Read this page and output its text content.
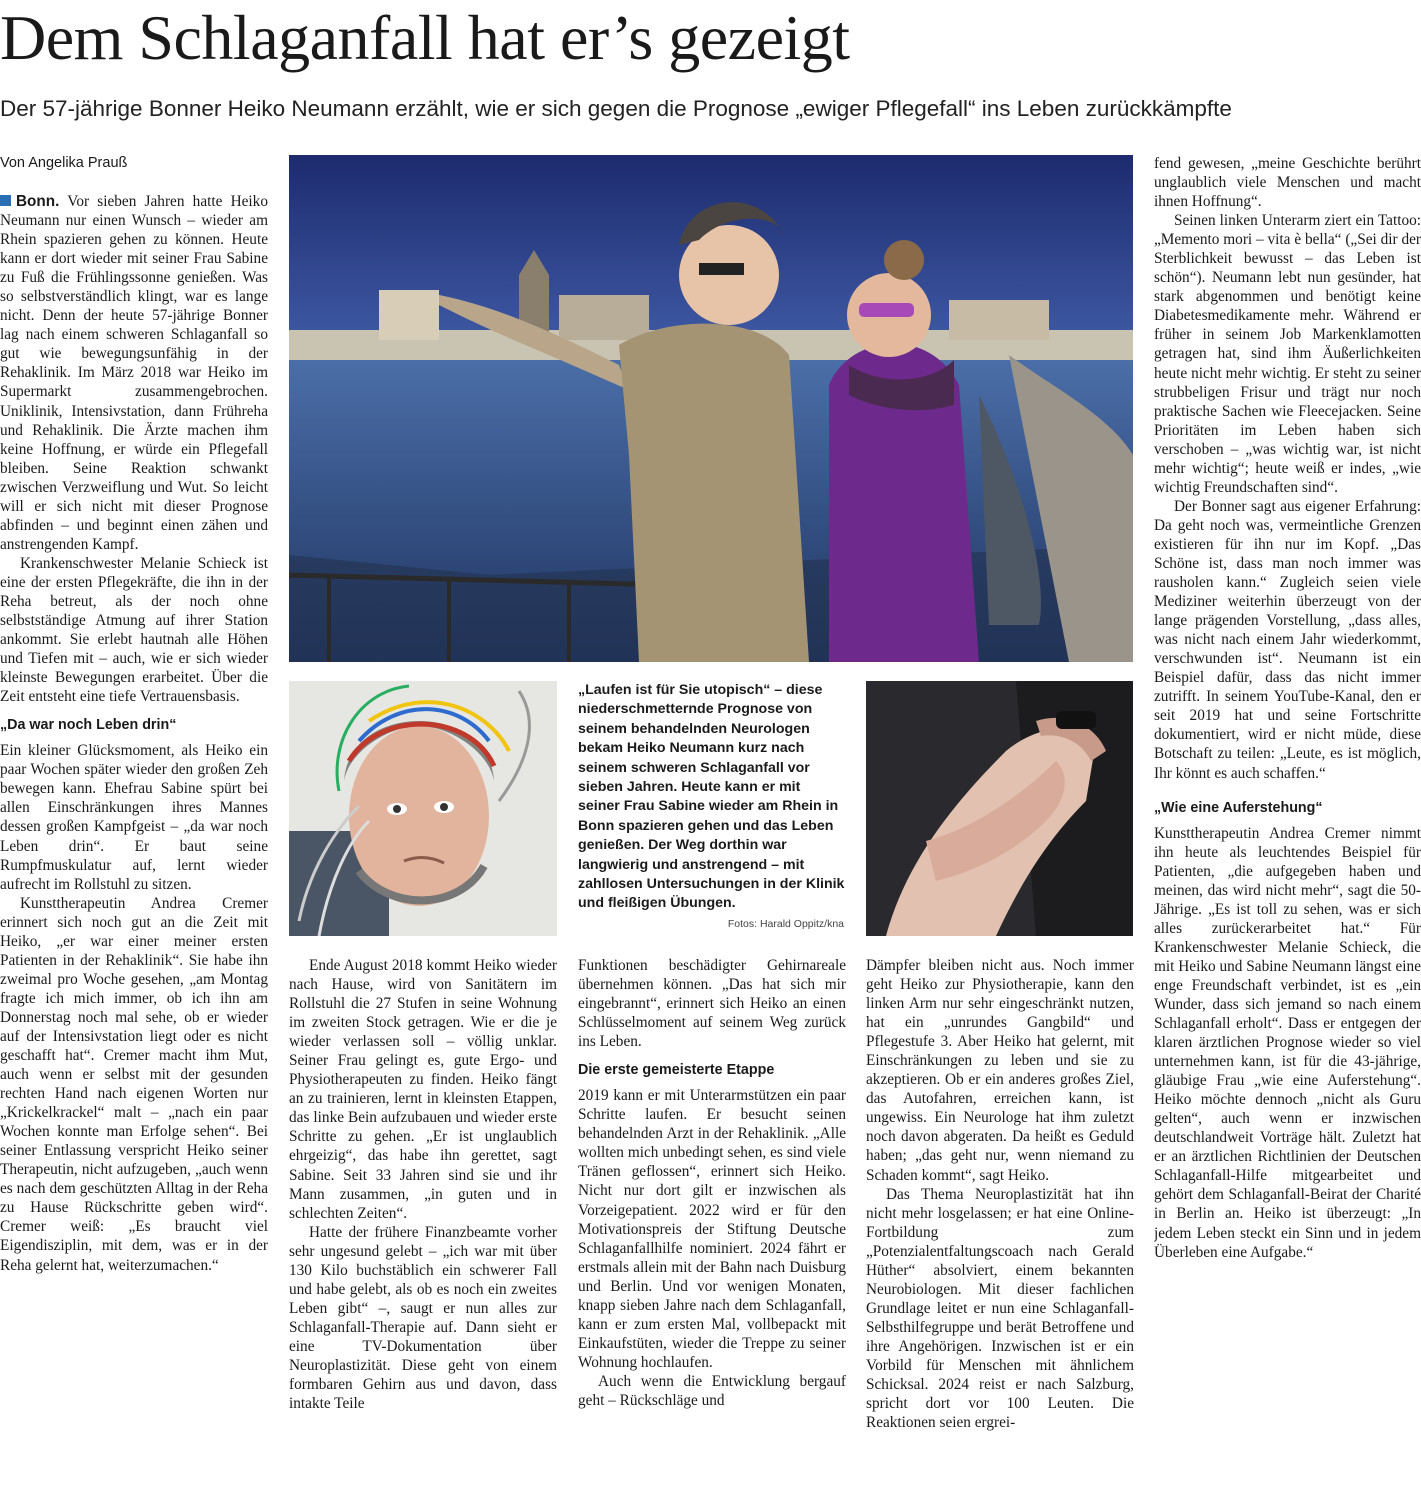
Dem Schlaganfall hat er’s gezeigt

Der 57-jährige Bonner Heiko Neumann erzählt, wie er sich gegen die Prognose „ewiger Pflegefall“ ins Leben zurückkämpfte

Von Angelika Prauß

Bonn. Vor sieben Jahren hatte Heiko Neumann nur einen Wunsch – wieder am Rhein spazieren gehen zu können. Heute kann er dort wieder mit seiner Frau Sabine zu Fuß die Frühlingssonne genießen. Was so selbstverständlich klingt, war es lange nicht. Denn der heute 57-jährige Bonner lag nach einem schweren Schlaganfall so gut wie bewegungsunfähig in der Rehaklinik. Im März 2018 war Heiko im Supermarkt zusammengebrochen. Uniklinik, Intensivstation, dann Frühreha und Rehaklinik. Die Ärzte machen ihm keine Hoffnung, er würde ein Pflegefall bleiben. Seine Reaktion schwankt zwischen Verzweiflung und Wut. So leicht will er sich nicht mit dieser Prognose abfinden – und beginnt einen zähen und anstrengenden Kampf.

Krankenschwester Melanie Schieck ist eine der ersten Pflegekräfte, die ihn in der Reha betreut, als der noch ohne selbstständige Atmung auf ihrer Station ankommt. Sie erlebt hautnah alle Höhen und Tiefen mit – auch, wie er sich wieder kleinste Bewegungen erarbeitet. Über die Zeit entsteht eine tiefe Vertrauensbasis.

„Da war noch Leben drin“

Ein kleiner Glücksmoment, als Heiko ein paar Wochen später wieder den großen Zeh bewegen kann. Ehefrau Sabine spürt bei allen Einschränkungen ihres Mannes dessen großen Kampfgeist – „da war noch Leben drin“. Er baut seine Rumpfmuskulatur auf, lernt wieder aufrecht im Rollstuhl zu sitzen.

Kunsttherapeutin Andrea Cremer erinnert sich noch gut an die Zeit mit Heiko, „er war einer meiner ersten Patienten in der Rehaklinik“. Sie habe ihn zweimal pro Woche gesehen, „am Montag fragte ich mich immer, ob ich ihn am Donnerstag noch mal sehe, ob er wieder auf der Intensivstation liegt oder es nicht geschafft hat“. Cremer macht ihm Mut, auch wenn er selbst mit der gesunden rechten Hand nach eigenen Worten nur „Krickelkrackel“ malt – „nach ein paar Wochen konnte man Erfolge sehen“. Bei seiner Entlassung verspricht Heiko seiner Therapeutin, nicht aufzugeben, „auch wenn es nach dem geschützten Alltag in der Reha zu Hause Rückschritte geben wird“. Cremer weiß: „Es braucht viel Eigendisziplin, mit dem, was er in der Reha gelernt hat, weiterzumachen.“

„Laufen ist für Sie utopisch“ – diese niederschmetternde Prognose von seinem behandelnden Neurologen bekam Heiko Neumann kurz nach seinem schweren Schlaganfall vor sieben Jahren. Heute kann er mit seiner Frau Sabine wieder am Rhein in Bonn spazieren gehen und das Leben genießen. Der Weg dorthin war langwierig und anstrengend – mit zahllosen Untersuchungen in der Klinik und fleißigen Übungen.
Fotos: Harald Oppitz/kna

Ende August 2018 kommt Heiko wieder nach Hause, wird von Sanitätern im Rollstuhl die 27 Stufen in seine Wohnung im zweiten Stock getragen. Wie er die je wieder verlassen soll – völlig unklar. Seiner Frau gelingt es, gute Ergo- und Physiotherapeuten zu finden. Heiko fängt an zu trainieren, lernt in kleinsten Etappen, das linke Bein aufzubauen und wieder erste Schritte zu gehen. „Er ist unglaublich ehrgeizig“, das habe ihn gerettet, sagt Sabine. Seit 33 Jahren sind sie und ihr Mann zusammen, „in guten und in schlechten Zeiten“.

Hatte der frühere Finanzbeamte vorher sehr ungesund gelebt – „ich war mit über 130 Kilo buchstäblich ein schwerer Fall und habe gelebt, als ob es noch ein zweites Leben gibt“ –, saugt er nun alles zur Schlaganfall-Therapie auf. Dann sieht er eine TV-Dokumentation über Neuroplastizität. Diese geht von einem formbaren Gehirn aus und davon, dass intakte Teile

Funktionen beschädigter Gehirnareale übernehmen können. „Das hat sich mir eingebrannt“, erinnert sich Heiko an einen Schlüsselmoment auf seinem Weg zurück ins Leben.

Die erste gemeisterte Etappe

2019 kann er mit Unterarmstützen ein paar Schritte laufen. Er besucht seinen behandelnden Arzt in der Rehaklinik. „Alle wollten mich unbedingt sehen, es sind viele Tränen geflossen“, erinnert sich Heiko. Nicht nur dort gilt er inzwischen als Vorzeigepatient. 2022 wird er für den Motivationspreis der Stiftung Deutsche Schlaganfallhilfe nominiert. 2024 fährt er erstmals allein mit der Bahn nach Duisburg und Berlin. Und vor wenigen Monaten, knapp sieben Jahre nach dem Schlaganfall, kann er zum ersten Mal, vollbepackt mit Einkaufstüten, wieder die Treppe zu seiner Wohnung hochlaufen.

Auch wenn die Entwicklung bergauf geht – Rückschläge und

Dämpfer bleiben nicht aus. Noch immer geht Heiko zur Physiotherapie, kann den linken Arm nur sehr eingeschränkt nutzen, hat ein „unrundes Gangbild“ und Pflegestufe 3. Aber Heiko hat gelernt, mit Einschränkungen zu leben und sie zu akzeptieren. Ob er ein anderes großes Ziel, das Autofahren, erreichen kann, ist ungewiss. Ein Neurologe hat ihm zuletzt noch davon abgeraten. Da heißt es Geduld haben; „das geht nur, wenn niemand zu Schaden kommt“, sagt Heiko.

Das Thema Neuroplastizität hat ihn nicht mehr losgelassen; er hat eine Online-Fortbildung zum „Potenzialentfaltungscoach nach Gerald Hüther“ absolviert, einem bekannten Neurobiologen. Mit dieser fachlichen Grundlage leitet er nun eine Schlaganfall-Selbsthilfegruppe und berät Betroffene und ihre Angehörigen. Inzwischen ist er ein Vorbild für Menschen mit ähnlichem Schicksal. 2024 reist er nach Salzburg, spricht dort vor 100 Leuten. Die Reaktionen seien ergrei-

fend gewesen, „meine Geschichte berührt unglaublich viele Menschen und macht ihnen Hoffnung“.

Seinen linken Unterarm ziert ein Tattoo: „Memento mori – vita è bella“ („Sei dir der Sterblichkeit bewusst – das Leben ist schön“). Neumann lebt nun gesünder, hat stark abgenommen und benötigt keine Diabetesmedikamente mehr. Während er früher in seinem Job Markenklamotten getragen hat, sind ihm Äußerlichkeiten heute nicht mehr wichtig. Er steht zu seiner strubbeligen Frisur und trägt nur noch praktische Sachen wie Fleecejacken. Seine Prioritäten im Leben haben sich verschoben – „was wichtig war, ist nicht mehr wichtig“; heute weiß er indes, „wie wichtig Freundschaften sind“.

Der Bonner sagt aus eigener Erfahrung: Da geht noch was, vermeintliche Grenzen existieren für ihn nur im Kopf. „Das Schöne ist, dass man noch immer was rausholen kann.“ Zugleich seien viele Mediziner weiterhin überzeugt von der lange prägenden Vorstellung, „dass alles, was nicht nach einem Jahr wiederkommt, verschwunden ist“. Neumann ist ein Beispiel dafür, dass das nicht immer zutrifft. In seinem YouTube-Kanal, den er seit 2019 hat und seine Fortschritte dokumentiert, wird er nicht müde, diese Botschaft zu teilen: „Leute, es ist möglich, Ihr könnt es auch schaffen.“

„Wie eine Auferstehung“

Kunsttherapeutin Andrea Cremer nimmt ihn heute als leuchtendes Beispiel für Patienten, „die aufgegeben haben und meinen, das wird nicht mehr“, sagt die 50-Jährige. „Es ist toll zu sehen, was er sich alles zurückerarbeitet hat.“ Für Krankenschwester Melanie Schieck, die mit Heiko und Sabine Neumann längst eine enge Freundschaft verbindet, ist es „ein Wunder, dass sich jemand so nach einem Schlaganfall erholt“. Dass er entgegen der klaren ärztlichen Prognose wieder so viel unternehmen kann, ist für die 43-jährige, gläubige Frau „wie eine Auferstehung“. Heiko möchte dennoch „nicht als Guru gelten“, auch wenn er inzwischen deutschlandweit Vorträge hält. Zuletzt hat er an ärztlichen Richtlinien der Deutschen Schlaganfall-Hilfe mitgearbeitet und gehört dem Schlaganfall-Beirat der Charité in Berlin an. Heiko ist überzeugt: „In jedem Leben steckt ein Sinn und in jedem Überleben eine Aufgabe.“
